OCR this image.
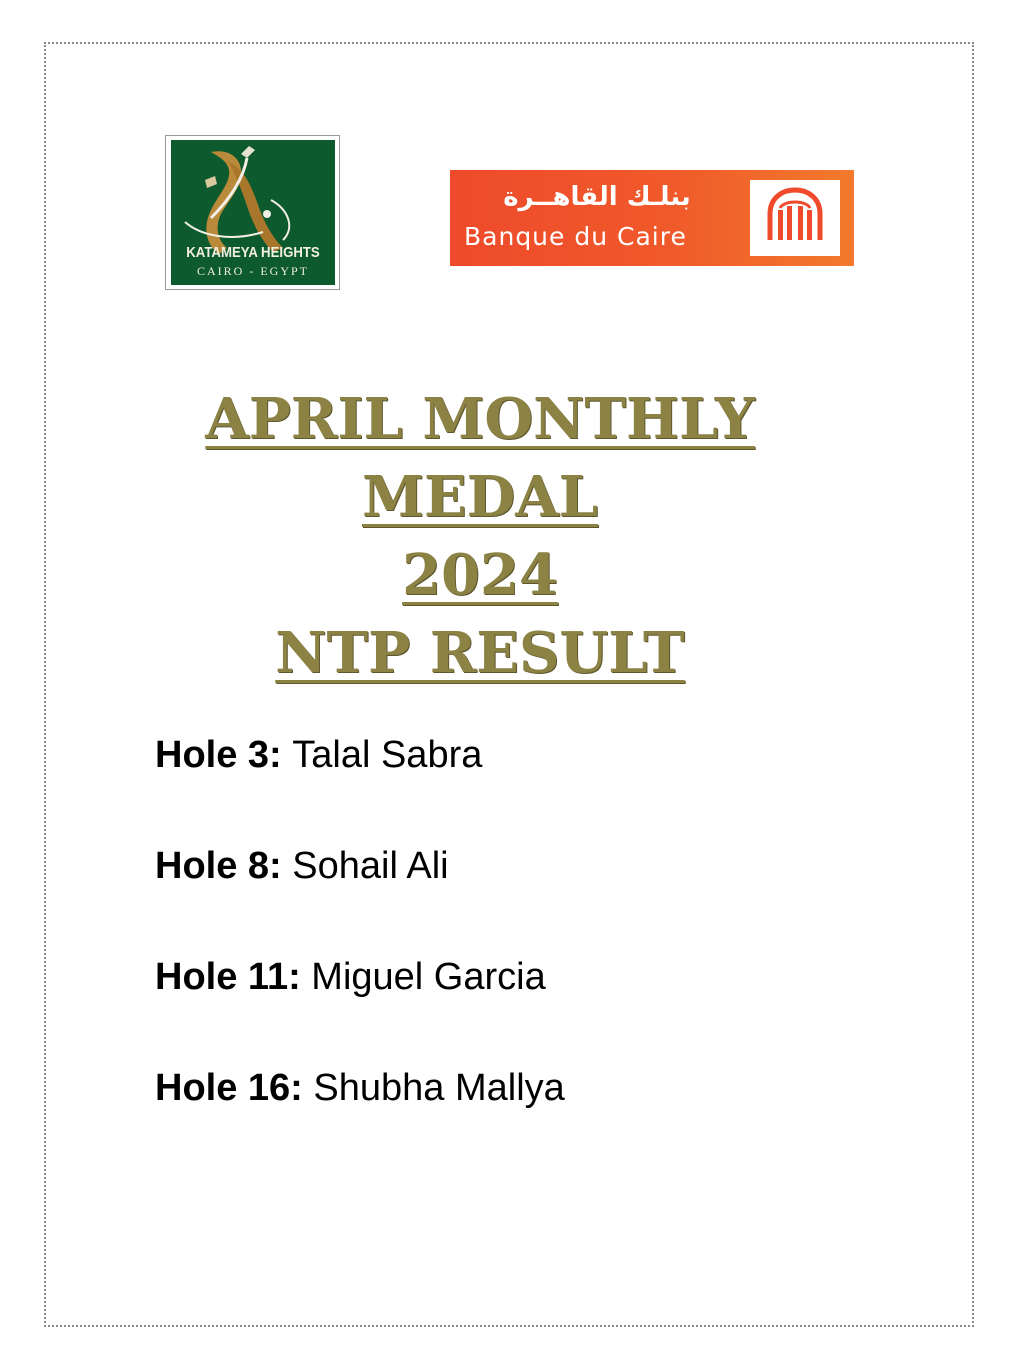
KATAMEYA HEIGHTS
CAIRO - EGYPT
بنلـك القاهــرة
Banque du Caire
APRIL MONTHLY
MEDAL
2024
NTP RESULT
Hole 3: Talal Sabra
Hole 8: Sohail Ali
Hole 11: Miguel Garcia
Hole 16: Shubha Mallya
